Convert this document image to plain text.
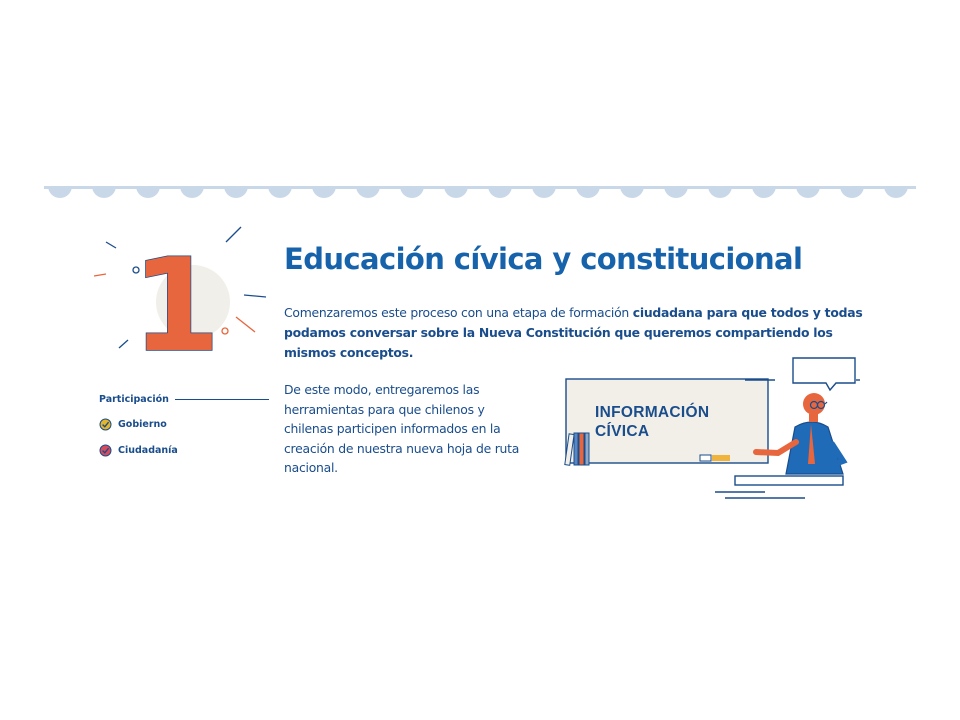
1
Participación
Gobierno
Ciudadanía
Educación cívica y constitucional

Comenzaremos este proceso con una etapa de formación ciudadana para que todos y todas podamos conversar sobre la Nueva Constitución que queremos compartiendo los mismos conceptos.

De este modo, entregaremos las herramientas para que chilenos y chilenas participen informados en la creación de nuestra nueva hoja de ruta nacional.

INFORMACIÓN
CÍVICA
